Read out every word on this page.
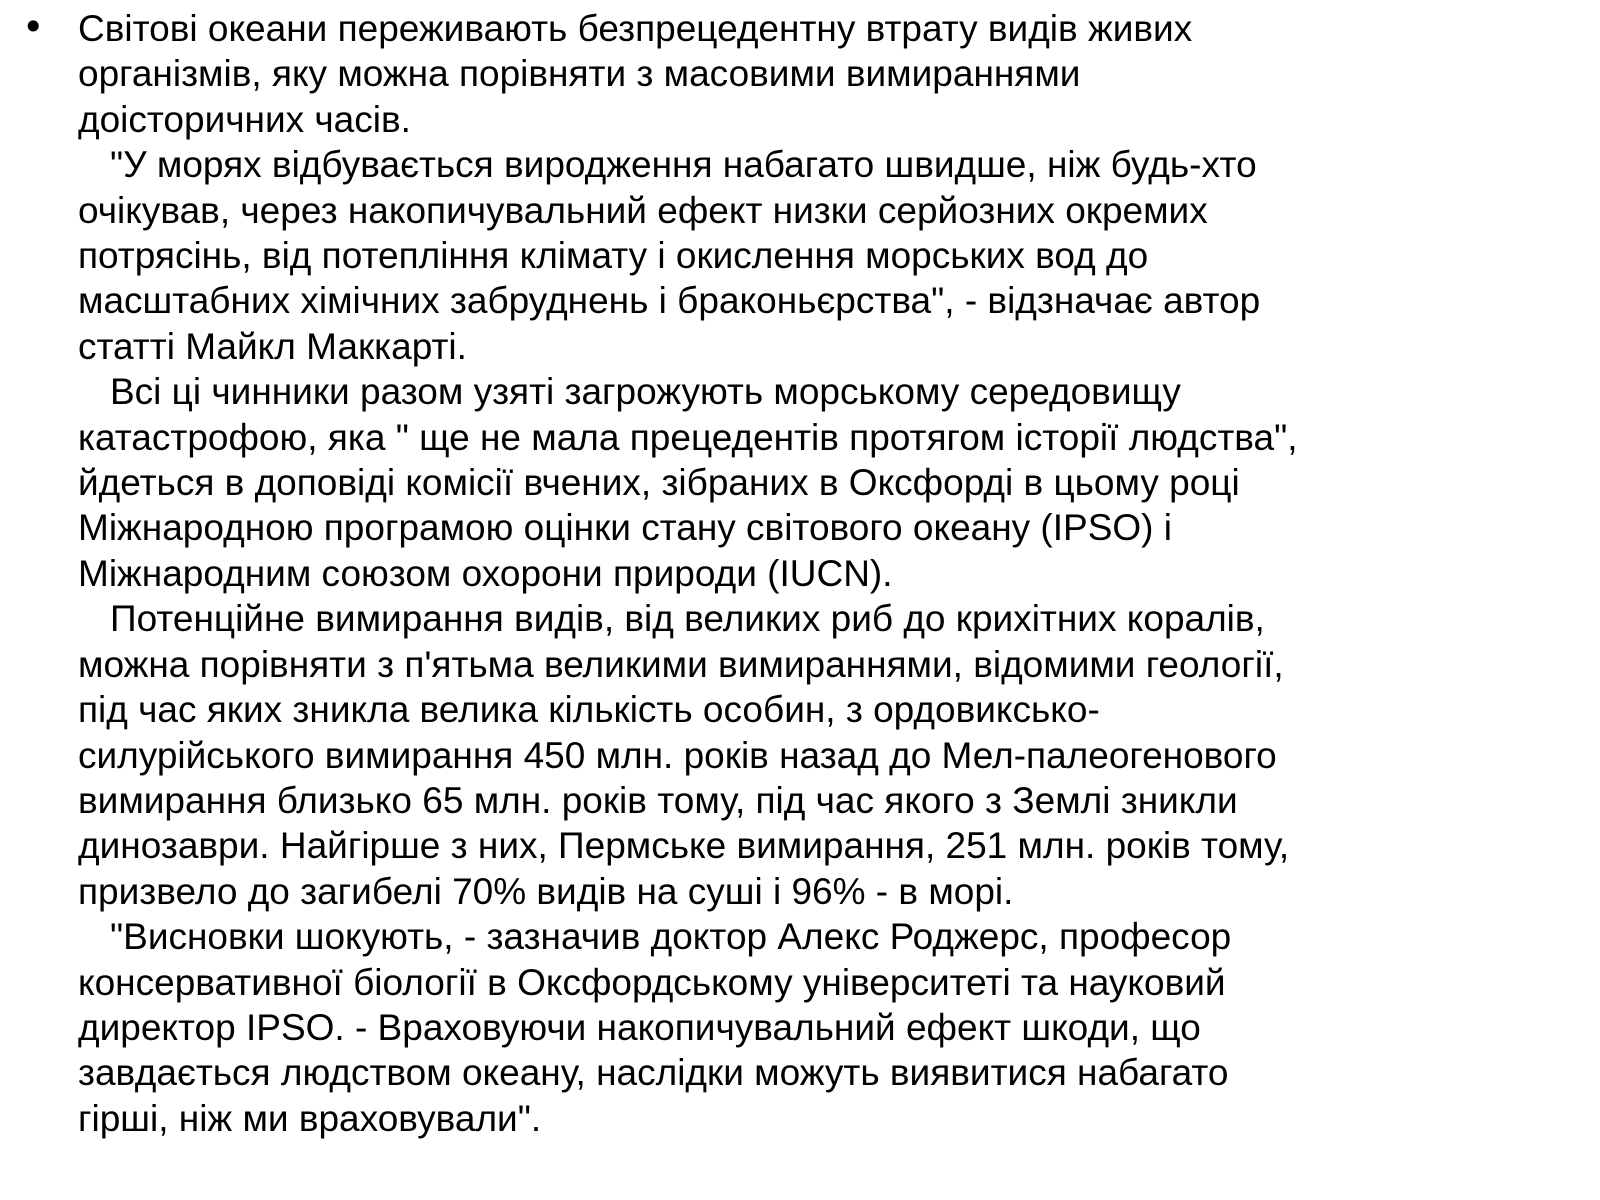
• Світові океани переживають безпрецедентну втрату видів живих
організмів, яку можна порівняти з масовими вимираннями
доісторичних часів.
"У морях відбувається виродження набагато швидше, ніж будь-хто
очікував, через накопичувальний ефект низки серйозних окремих
потрясінь, від потепління клімату і окислення морських вод до
масштабних хімічних забруднень і браконьєрства", - відзначає автор
статті Майкл Маккарті.
Всі ці чинники разом узяті загрожують морському середовищу
катастрофою, яка " ще не мала прецедентів протягом історії людства",
йдеться в доповіді комісії вчених, зібраних в Оксфорді в цьому році
Міжнародною програмою оцінки стану світового океану (IPSO) і
Міжнародним союзом охорони природи (IUCN).
Потенційне вимирання видів, від великих риб до крихітних коралів,
можна порівняти з п'ятьма великими вимираннями, відомими геології,
під час яких зникла велика кількість особин, з ордовиксько-
силурійського вимирання 450 млн. років назад до Мел-палеогенового
вимирання близько 65 млн. років тому, під час якого з Землі зникли
динозаври. Найгірше з них, Пермське вимирання, 251 млн. років тому,
призвело до загибелі 70% видів на суші і 96% - в морі.
"Висновки шокують, - зазначив доктор Алекс Роджерс, професор
консервативної біології в Оксфордському університеті та науковий
директор IPSO. - Враховуючи накопичувальний ефект шкоди, що
завдається людством океану, наслідки можуть виявитися набагато
гірші, ніж ми враховували".
